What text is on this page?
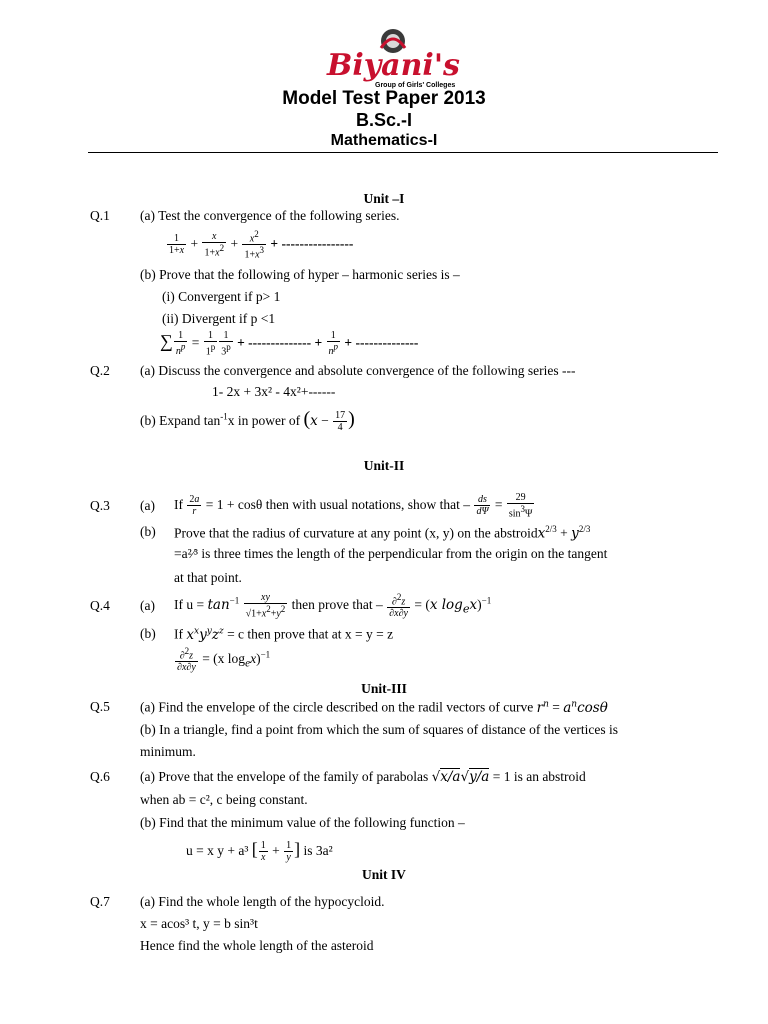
Biyani's
Group of Girls' Colleges
Model Test Paper 2013
B.Sc.-I
Mathematics-I
Unit –I
Q.1 (a) Test the convergence of the following series.
$\frac{1}{1+x} + \frac{x}{1+x^2} + \frac{x^2}{1+x^3}$ + ----------------
(b) Prove that the following of hyper – harmonic series is –
(i) Convergent if p> 1
(ii) Divergent if p <1
∑ $\frac{1}{n^p} = \frac{1}{1^p} \frac{1}{3^p}$ + -------------- + $\frac{1}{n^p}$ + --------------
Q.2 (a) Discuss the convergence and absolute convergence of the following series ---
1- 2x + 3x² - 4x²+------
(b) Expand $\tan^{-1}x$ in power of ($x - \frac{17}{4}$ )
Unit-II
Q.3 (a) If $\frac{2a}{r} = 1 + \cos\theta$ then with usual notations, show that – $\frac{ds}{d\Psi} = \frac{29}{\sin^3\Psi}$
(b) Prove that the radius of curvature at any point (x, y) on the abstroidx$^{2/3}$ + $y^{2/3}$
=a²⁄³ is three times the length of the perpendicular from the origin on the tangent
at that point.
Q.4 (a) If $u = \tan^{-1} \frac{xy}{√1+x^2+y^2}$ then prove that – $\frac{\partial^2z}{\partial x\partial y} = (x$ $\log_ex)^{-1}$
(b) If $x^xy^yz^z = c$ then prove that at x = y = z
$\frac{\partial^2z}{\partial x\partial y} = (x$ $\log_ex)^{-1}$
Unit-III
Q.5 (a) Find the envelope of the circle described on the radil vectors of curve $r^n = a^n\cos\theta$
(b) In a triangle, find a point from which the sum of squares of distance of the vertices is
minimum.
Q.6 (a) Prove that the envelope of the family of parabolas √x/a√y/a = 1 is an abstroid
when ab = c², c being constant.
(b) Find that the minimum value of the following function –
u = x y + a³ [ $\frac{1}{x} + \frac{1}{y}$ ] is 3a²
Unit IV
Q.7 (a) Find the whole length of the hypocycloid.
x = acos³ t, y = b sin³t
Hence find the whole length of the asteroid
